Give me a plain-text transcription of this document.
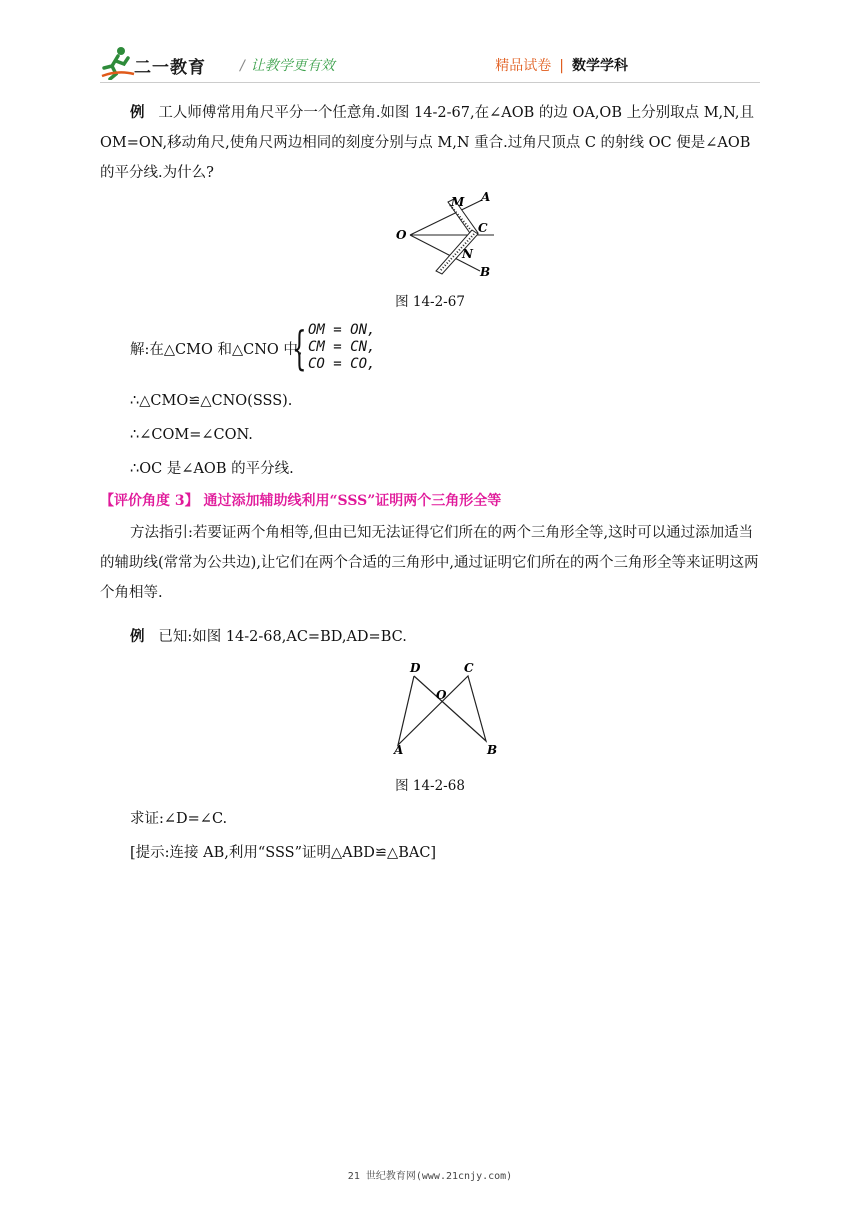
二一教育 / 让教学更有效	精品试卷 | 数学学科

例 工人师傅常用角尺平分一个任意角.如图 14-2-67,在∠AOB 的边 OA,OB 上分别取点 M,N,且 OM=ON,移动角尺,使角尺两边相同的刻度分别与点 M,N 重合.过角尺顶点 C 的射线 OC 便是∠AOB 的平分线.为什么?

O
M A
C
N
B
图 14-2-67
解:在△CMO 和△CNO 中,
{ OM = ON,
CM = CN,
CO = CO,

∴△CMO≌△CNO(SSS).

∴∠COM=∠CON.

∴OC 是∠AOB 的平分线.

【评价角度 3】 通过添加辅助线利用“SSS”证明两个三角形全等

方法指引:若要证两个角相等,但由已知无法证得它们所在的两个三角形全等,这时可以通过添加适当的辅助线(常常为公共边),让它们在两个合适的三角形中,通过证明它们所在的两个三角形全等来证明这两个角相等.

例 已知:如图 14-2-68,AC=BD,AD=BC.

D	C
O
A	B
图 14-2-68

求证:∠D=∠C.

[提示:连接 AB,利用“SSS”证明△ABD≌△BAC]

21 世纪教育网(www.21cnjy.com)
